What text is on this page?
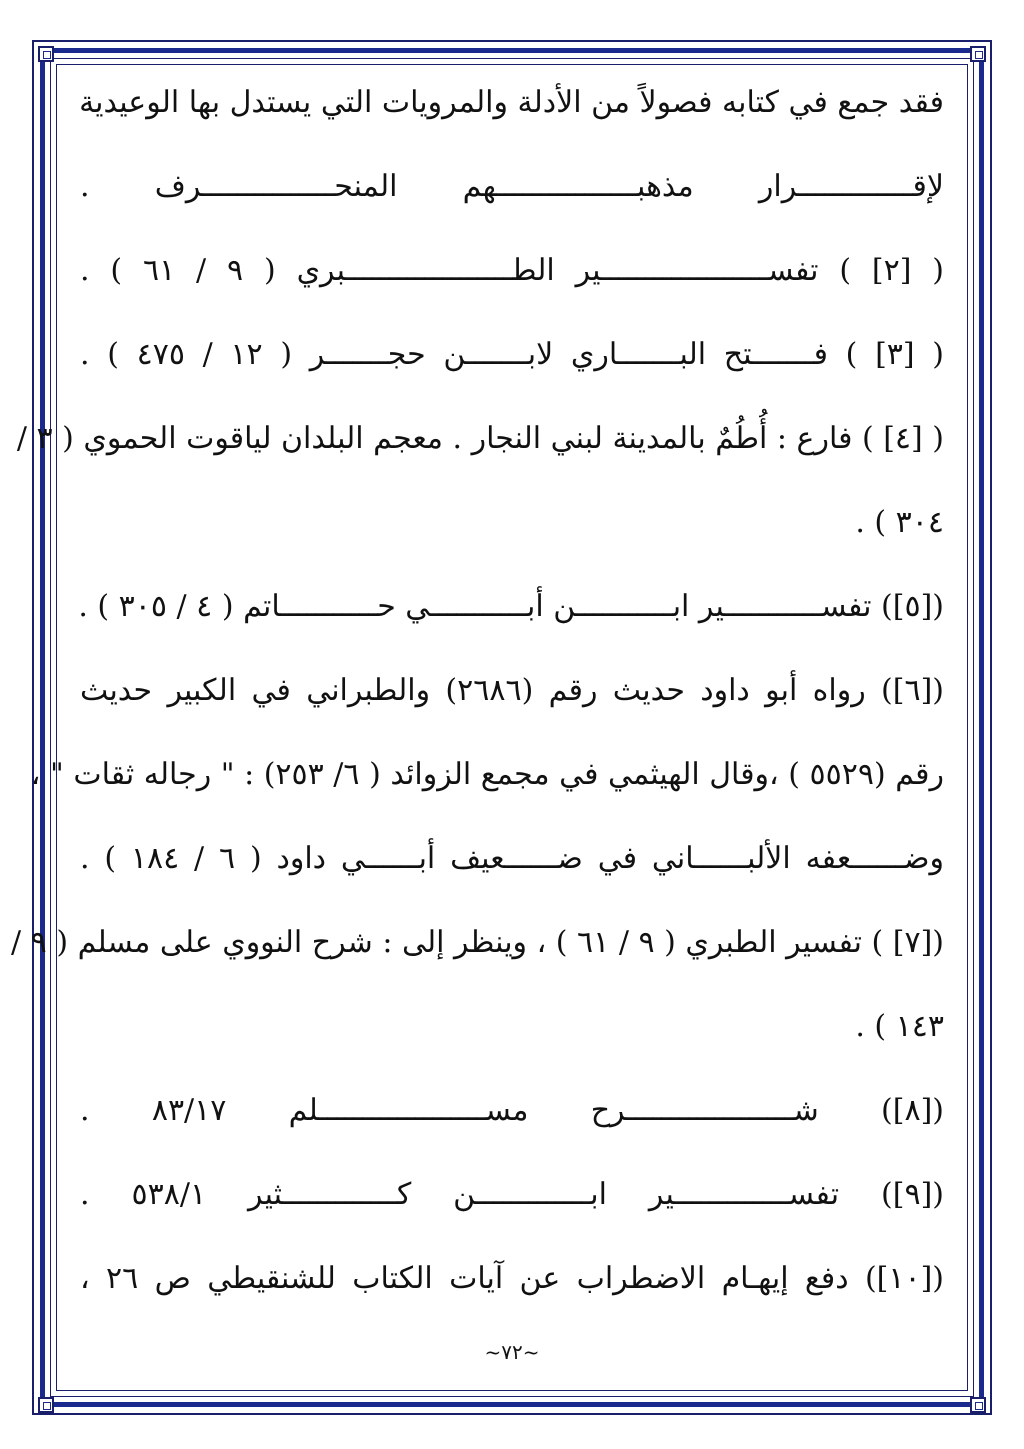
فقد جمع في كتابه فصولاً من الأدلة والمرويات التي يستدل بها الوعيدية
لإقـــــــــــــرار مذهبــــــــــــــــهم المنحـــــــــــــــرف .
( [٢] ) تفســـــــــــــــــــير الطـــــــــــــــــــبري ( ٩ / ٦١ ) .
( [٣] ) فـــــــتح البـــــــاري لابـــــــن حجـــــــر ( ١٢ / ٤٧٥ ) .
( [٤] ) فارع : أُطُمٌ بالمدينة لبني النجار . معجم البلدان لياقوت الحموي ( ٣ /
٣٠٤ ) .
([٥]) تفســـــــــــير ابـــــــــــن أبـــــــــــي حـــــــــــاتم ( ٤ / ٣٠٥ ) .
([٦]) رواه أبو داود حديث رقم (٢٦٨٦) والطبراني في الكبير حديث
رقم (٥٥٢٩ ) ،وقال الهيثمي في مجمع الزوائد ( ٦/ ٢٥٣) : " رجاله ثقات " ،
وضــــــعفه الألبــــــاني في ضــــــعيف أبــــــي داود ( ٦ / ١٨٤ ) .
([٧] ) تفسير الطبري ( ٩ / ٦١ ) ، وينظر إلى : شرح النووي على مسلم ( ٩ /
١٤٣ ) .
([٨]) شـــــــــــــــــــرح مســـــــــــــــــــلم ٨٣/١٧ .
([٩]) تفســـــــــــــير ابـــــــــــــن كـــــــــــــثير ٥٣٨/١ .
([١٠]) دفع إيهـام الاضطراب عن آيات الكتاب للشنقيطي ص ٢٦ ،
~٧٢~
